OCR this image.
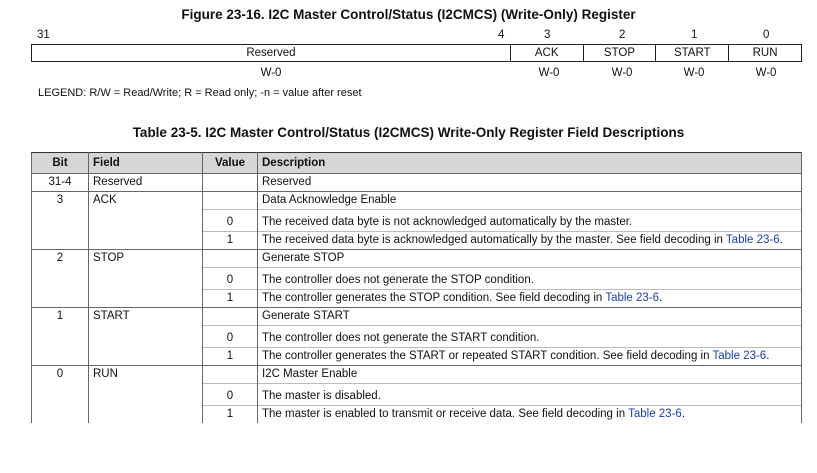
Figure 23-16. I2C Master Control/Status (I2CMCS) (Write-Only) Register
31	4	3	2	1	0
Reserved	ACK	STOP	START	RUN
W-0	W-0	W-0	W-0	W-0
LEGEND: R/W = Read/Write; R = Read only; -n = value after reset
Table 23-5. I2C Master Control/Status (I2CMCS) Write-Only Register Field Descriptions
Bit	Field	Value	Description
31-4	Reserved		Reserved
3	ACK		Data Acknowledge Enable
		0	The received data byte is not acknowledged automatically by the master.
		1	The received data byte is acknowledged automatically by the master. See field decoding in Table 23-6.
2	STOP		Generate STOP
		0	The controller does not generate the STOP condition.
		1	The controller generates the STOP condition. See field decoding in Table 23-6.
1	START		Generate START
		0	The controller does not generate the START condition.
		1	The controller generates the START or repeated START condition. See field decoding in Table 23-6.
0	RUN		I2C Master Enable
		0	The master is disabled.
		1	The master is enabled to transmit or receive data. See field decoding in Table 23-6.
